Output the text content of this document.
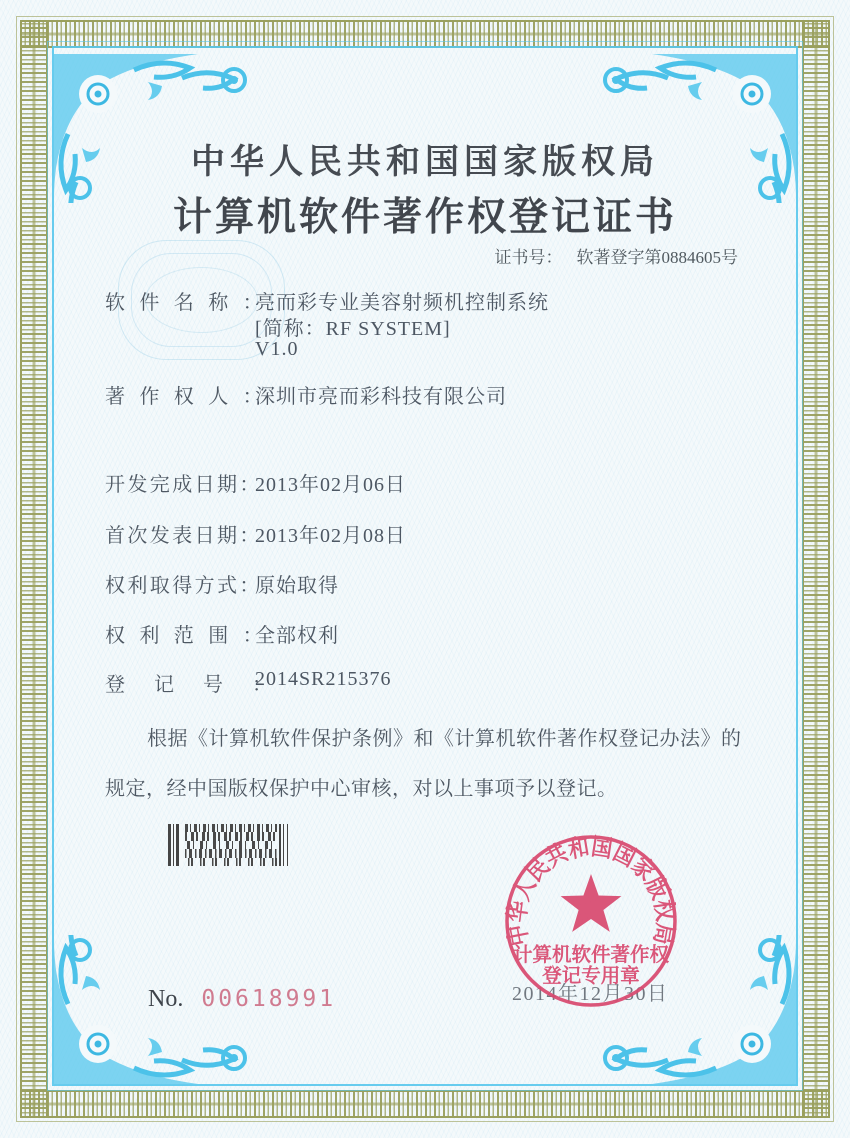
中华人民共和国国家版权局
计算机软件著作权登记证书
证书号： 软著登字第0884605号
软件名称：
亮而彩专业美容射频机控制系统
[简称：RF SYSTEM]
V1.0
著作权人：
深圳市亮而彩科技有限公司
开发完成日期：
2013年02月06日
首次发表日期：
2013年02月08日
权利取得方式：
原始取得
权利范围：
全部权利
登记号：
2014SR215376
根据《计算机软件保护条例》和《计算机软件著作权登记办法》的
规定，经中国版权保护中心审核，对以上事项予以登记。
2014年12月30日
中华人民共和国国家版权局
计算机软件著作权
登记专用章
No. 00618991
